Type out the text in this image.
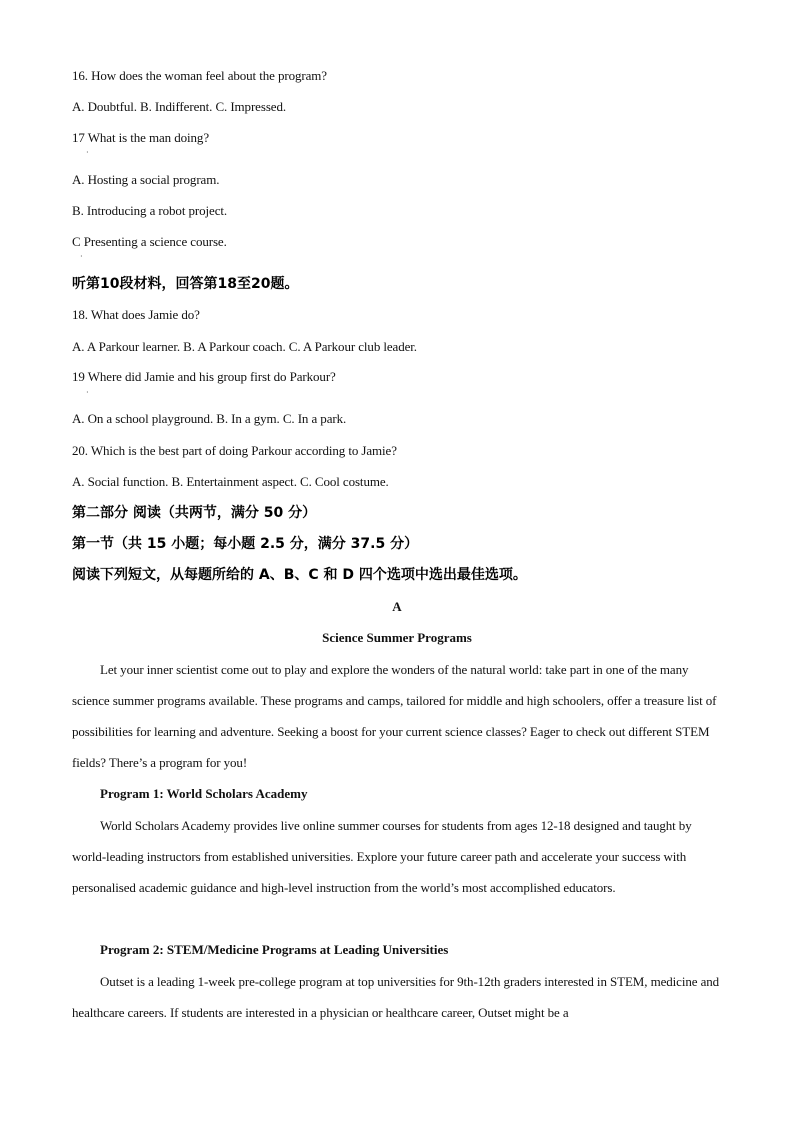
16. How does the woman feel about the program?
A. Doubtful. B. Indifferent. C. Impressed.
17 What is the man doing?
·
A. Hosting a social program.
B. Introducing a robot project.
C Presenting a science course.
·
听第10段材料，回答第18至20题。
18. What does Jamie do?
A. A Parkour learner. B. A Parkour coach. C. A Parkour club leader.
19 Where did Jamie and his group first do Parkour?
·
A. On a school playground. B. In a gym. C. In a park.
20. Which is the best part of doing Parkour according to Jamie?
A. Social function. B. Entertainment aspect. C. Cool costume.
第二部分 阅读（共两节，满分 50 分）
第一节（共 15 小题；每小题 2.5 分，满分 37.5 分）
阅读下列短文，从每题所给的 A、B、C 和 D 四个选项中选出最佳选项。
A
Science Summer Programs
Let your inner scientist come out to play and explore the wonders of the natural world: take part in one of the many science summer programs available. These programs and camps, tailored for middle and high schoolers, offer a treasure list of possibilities for learning and adventure. Seeking a boost for your current science classes? Eager to check out different STEM fields? There’s a program for you!
Program 1: World Scholars Academy
World Scholars Academy provides live online summer courses for students from ages 12-18 designed and taught by world-leading instructors from established universities. Explore your future career path and accelerate your success with personalised academic guidance and high-level instruction from the world’s most accomplished educators.
Program 2: STEM/Medicine Programs at Leading Universities
Outset is a leading 1-week pre-college program at top universities for 9th-12th graders interested in STEM, medicine and healthcare careers. If students are interested in a physician or healthcare career, Outset might be a
